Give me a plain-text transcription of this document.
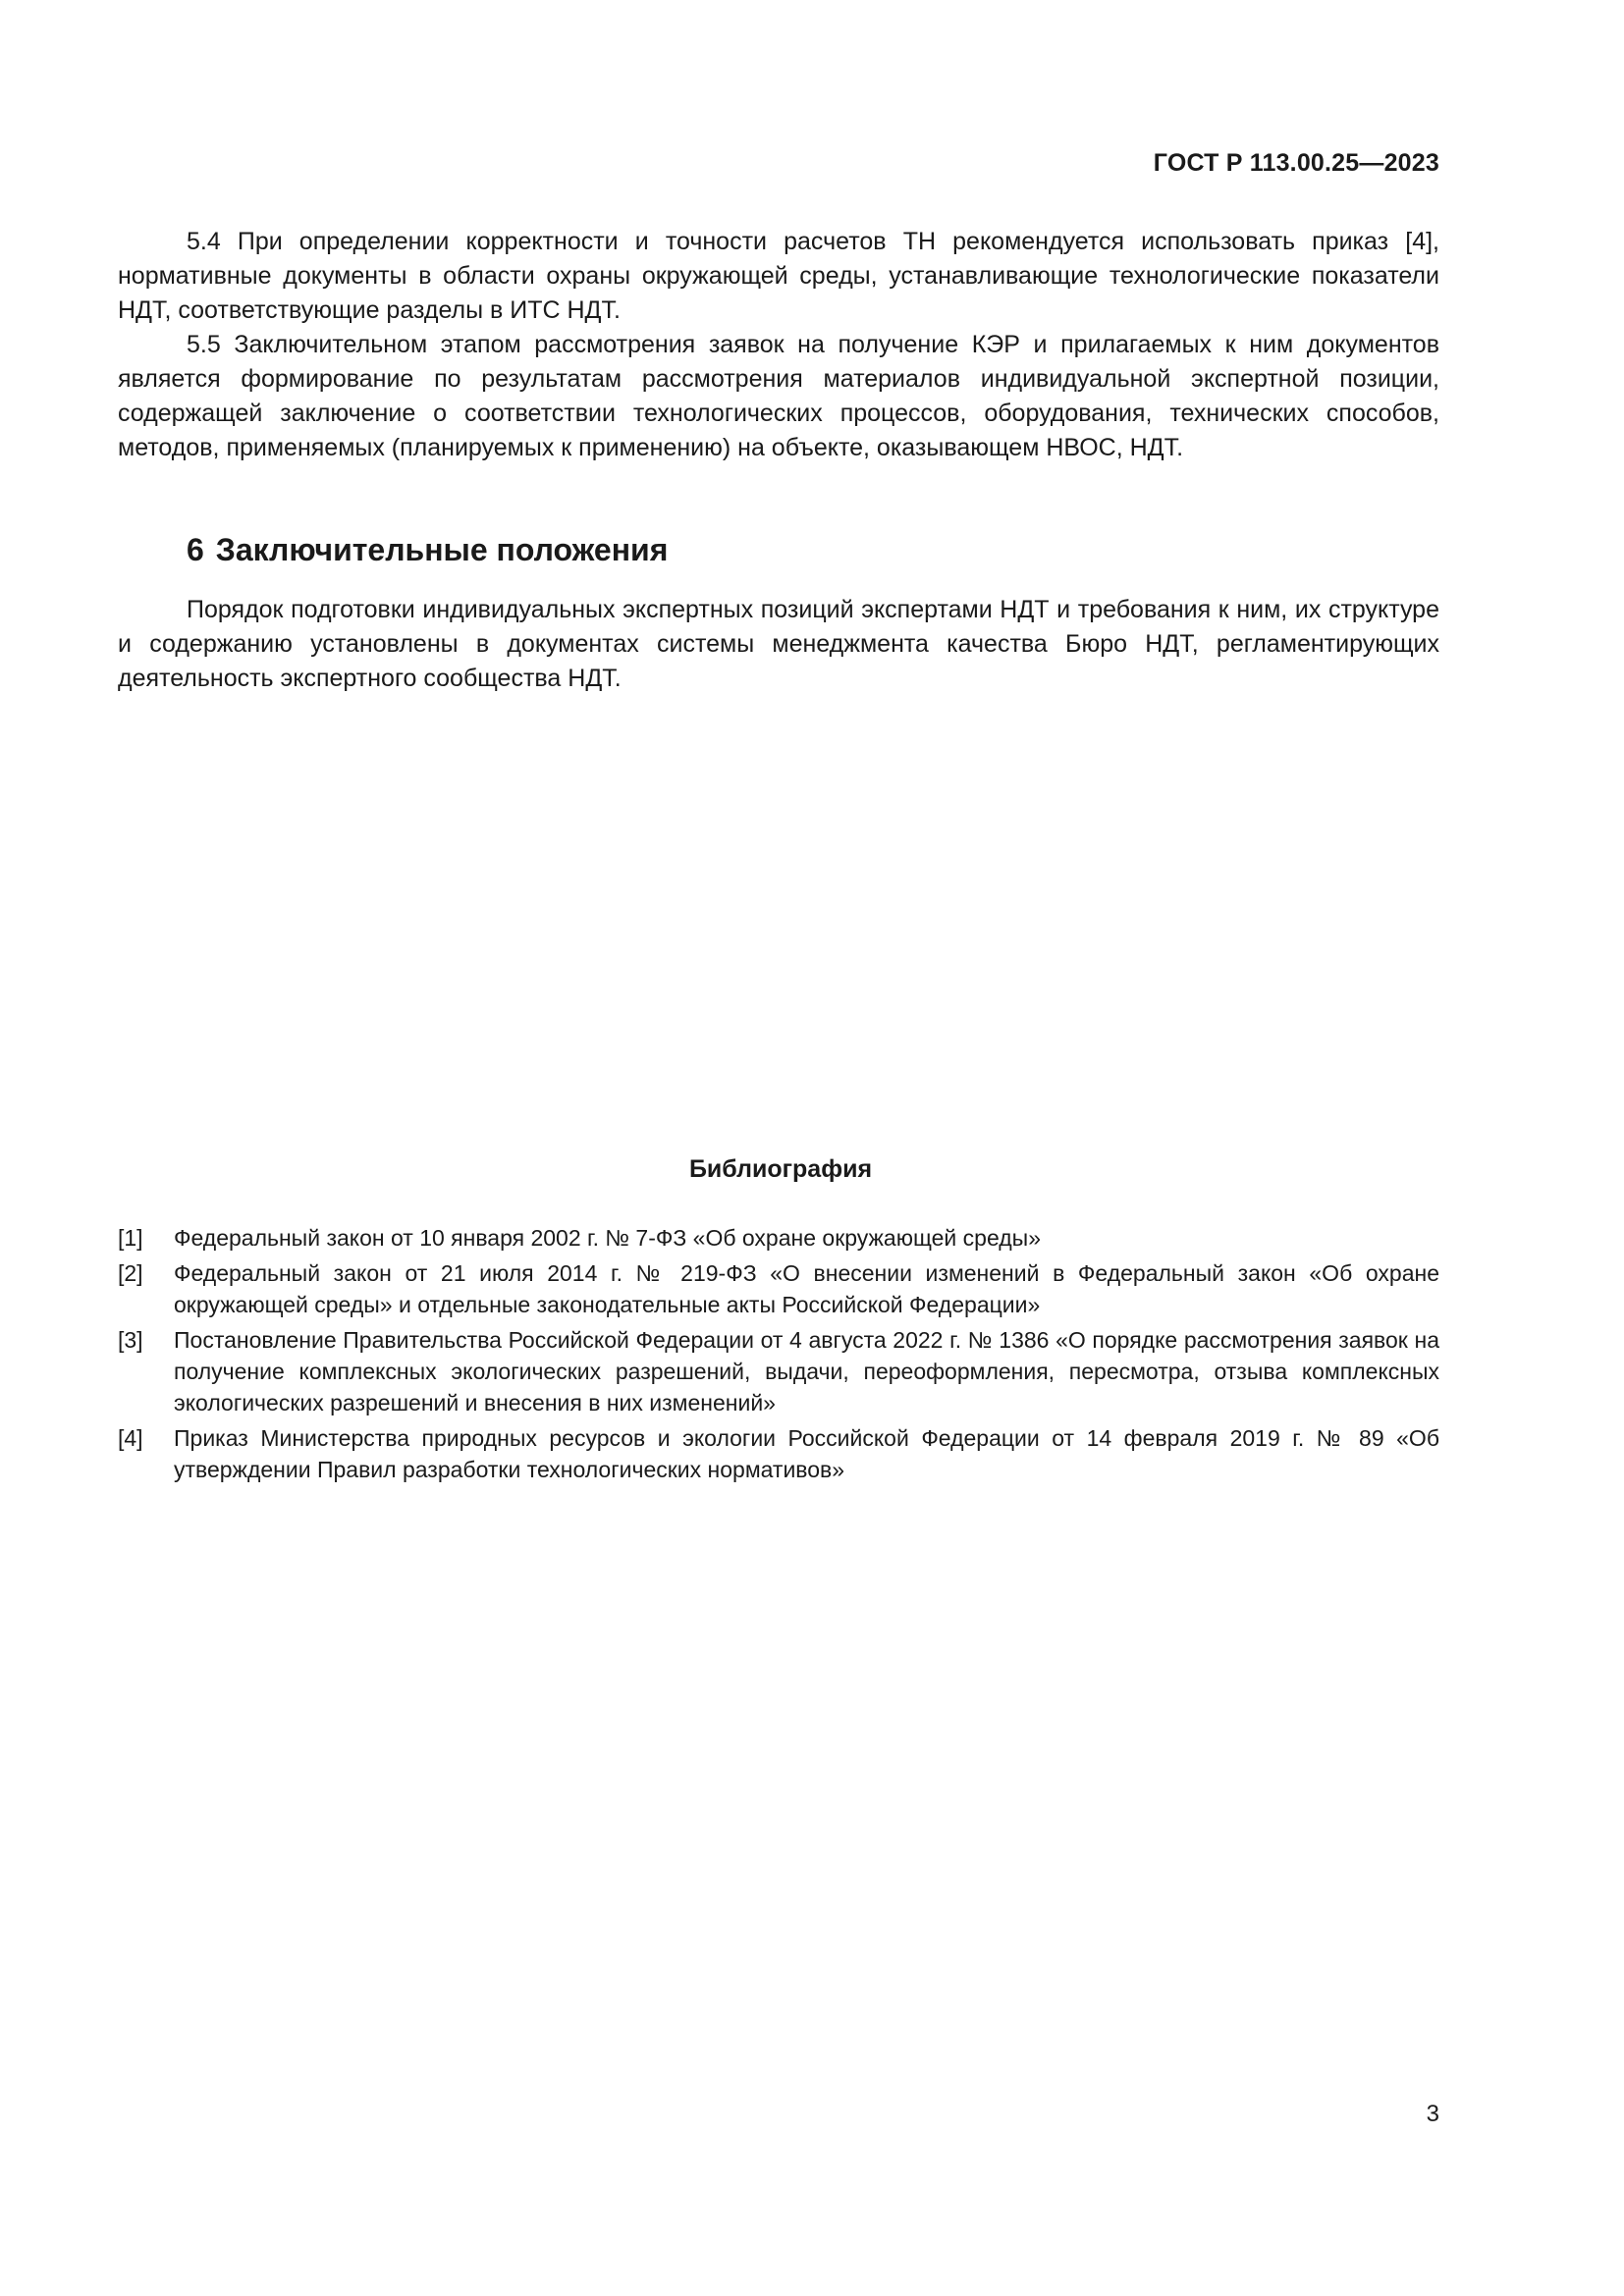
ГОСТ Р 113.00.25—2023

5.4 При определении корректности и точности расчетов ТН рекомендуется использовать приказ [4], нормативные документы в области охраны окружающей среды, устанавливающие технологические показатели НДТ, соответствующие разделы в ИТС НДТ.

5.5 Заключительном этапом рассмотрения заявок на получение КЭР и прилагаемых к ним документов является формирование по результатам рассмотрения материалов индивидуальной экспертной позиции, содержащей заключение о соответствии технологических процессов, оборудования, технических способов, методов, применяемых (планируемых к применению) на объекте, оказывающем НВОС, НДТ.

6 Заключительные положения

Порядок подготовки индивидуальных экспертных позиций экспертами НДТ и требования к ним, их структуре и содержанию установлены в документах системы менеджмента качества Бюро НДТ, регламентирующих деятельность экспертного сообщества НДТ.

Библиография
[1]	Федеральный закон от 10 января 2002 г. № 7-ФЗ «Об охране окружающей среды»
[2]	Федеральный закон от 21 июля 2014 г. № 219-ФЗ «О внесении изменений в Федеральный закон «Об охране окружающей среды» и отдельные законодательные акты Российской Федерации»
[3]	Постановление Правительства Российской Федерации от 4 августа 2022 г. № 1386 «О порядке рассмотрения заявок на получение комплексных экологических разрешений, выдачи, переоформления, пересмотра, отзыва комплексных экологических разрешений и внесения в них изменений»
[4]	Приказ Министерства природных ресурсов и экологии Российской Федерации от 14 февраля 2019 г. № 89 «Об утверждении Правил разработки технологических нормативов»
3
